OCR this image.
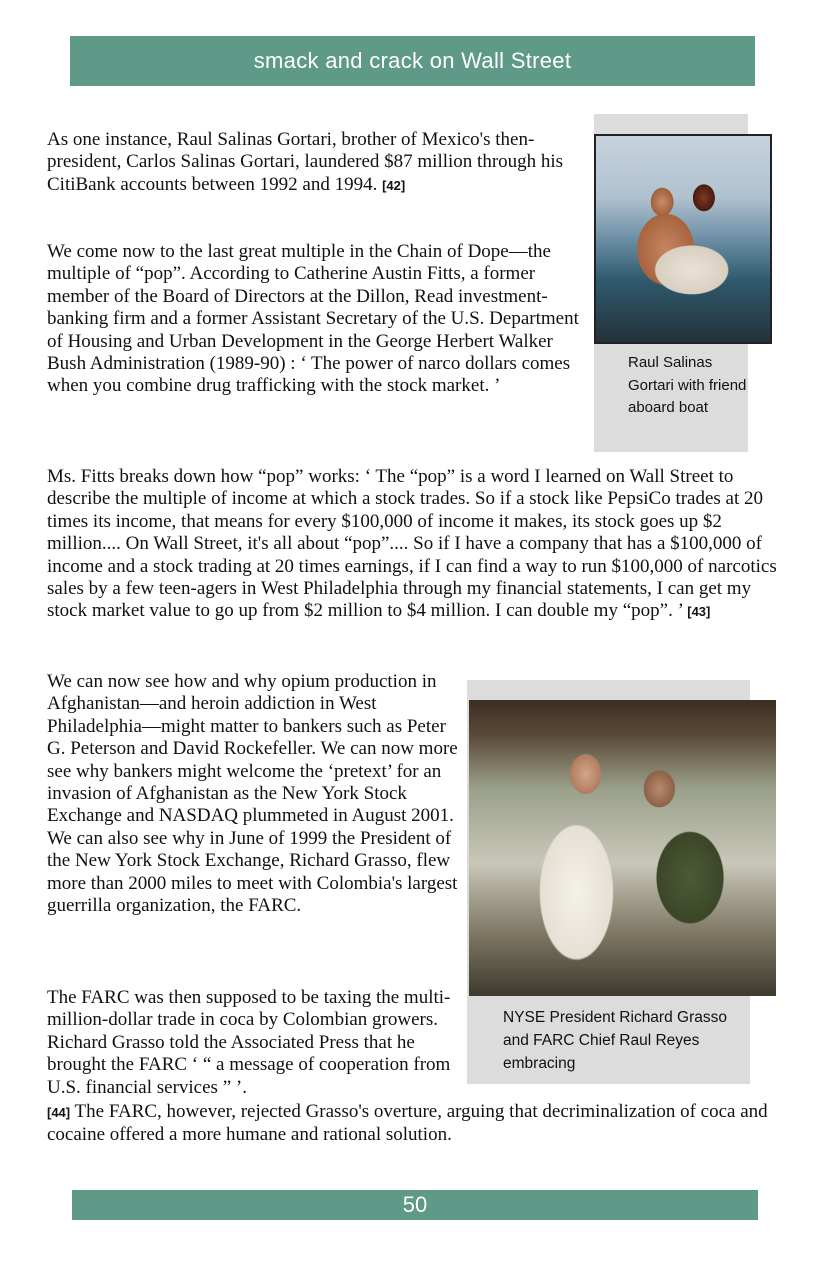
smack and crack on Wall Street

As one instance, Raul Salinas Gortari, brother of Mexico's then-president, Carlos Salinas Gortari, laundered $87 million through his CitiBank accounts between 1992 and 1994. [42]

We come now to the last great multiple in the Chain of Dope—the multiple of “pop”. According to Catherine Austin Fitts, a former member of the Board of Directors at the Dillon, Read investment-banking firm and a former Assistant Secretary of the U.S. Department of Housing and Urban Development in the George Herbert Walker Bush Administration (1989-90) : ‘ The power of narco dollars comes when you combine drug trafficking with the stock market. ’

Raul Salinas Gortari with friend aboard boat

Ms. Fitts breaks down how “pop” works: ‘ The “pop” is a word I learned on Wall Street to describe the multiple of income at which a stock trades. So if a stock like PepsiCo trades at 20 times its income, that means for every $100,000 of income it makes, its stock goes up $2 million.... On Wall Street, it's all about “pop”.... So if I have a company that has a $100,000 of income and a stock trading at 20 times earnings, if I can find a way to run $100,000 of narcotics sales by a few teen-agers in West Philadelphia through my financial statements, I can get my stock market value to go up from $2 million to $4 million. I can double my “pop”. ’ [43]

We can now see how and why opium production in Afghanistan—and heroin addiction in West Philadelphia—might matter to bankers such as Peter G. Peterson and David Rockefeller. We can now more see why bankers might welcome the ‘pretext’ for an invasion of Afghanistan as the New York Stock Exchange and NASDAQ plummeted in August 2001. We can also see why in June of 1999 the President of the New York Stock Exchange, Richard Grasso, flew more than 2000 miles to meet with Colombia's largest guerrilla organization, the FARC.

NYSE President Richard Grasso and FARC Chief Raul Reyes embracing

The FARC was then supposed to be taxing the multi-million-dollar trade in coca by Colombian growers. Richard Grasso told the Associated Press that he brought the FARC ‘ “ a message of cooperation from U.S. financial services ” ’.

[44] The FARC, however, rejected Grasso's overture, arguing that decriminalization of coca and cocaine offered a more humane and rational solution.

50
